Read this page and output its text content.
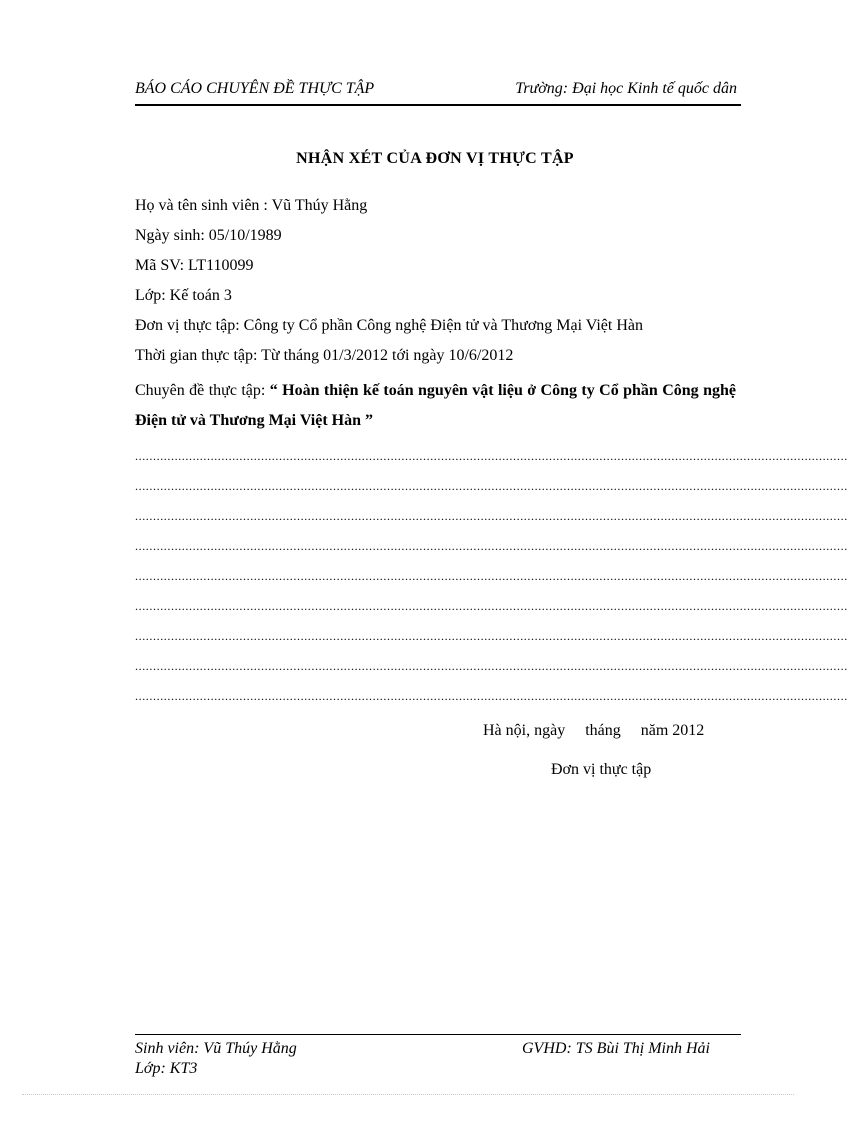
BÁO CÁO CHUYÊN ĐỀ THỰC TẬP	Trường: Đại học Kinh tế quốc dân
NHẬN XÉT CỦA ĐƠN VỊ THỰC TẬP
Họ và tên sinh viên : Vũ Thúy Hằng
Ngày sinh: 05/10/1989
Mã SV: LT110099
Lớp: Kế toán 3
Đơn vị thực tập: Công ty Cổ phần Công nghệ Điện tử và Thương Mại Việt Hàn
Thời gian thực tập: Từ tháng 01/3/2012 tới ngày 10/6/2012
Chuyên đề thực tập: “ Hoàn thiện kế toán nguyên vật liệu ở Công ty Cổ phần Công nghệ Điện tử và Thương Mại Việt Hàn ”
......................................................................................................................................................................................................
......................................................................................................................................................................................................
......................................................................................................................................................................................................
......................................................................................................................................................................................................
......................................................................................................................................................................................................
......................................................................................................................................................................................................
......................................................................................................................................................................................................
......................................................................................................................................................................................................
......................................................................................................................................................................................................
Hà nội, ngày     tháng     năm 2012
Đơn vị thực tập
Sinh viên: Vũ Thúy Hằng
Lớp: KT3
GVHD: TS Bùi Thị Minh Hải
